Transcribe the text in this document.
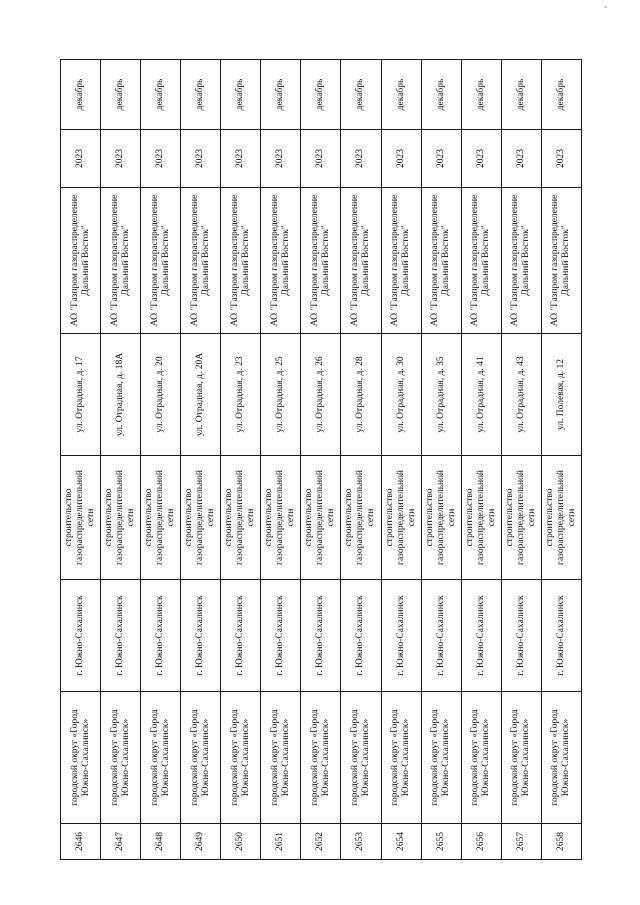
2646	городской округ «Город Южно-Сахалинск»	г. Южно-Сахалинск	строительство газораспределительной сети	ул. Отрадная, д. 17	АО "Газпром газораспределение Дальний Восток"	2023	декабрь
2647	городской округ «Город Южно-Сахалинск»	г. Южно-Сахалинск	строительство газораспределительной сети	ул. Отрадная, д. 18А	АО "Газпром газораспределение Дальний Восток"	2023	декабрь
2648	городской округ «Город Южно-Сахалинск»	г. Южно-Сахалинск	строительство газораспределительной сети	ул. Отрадная, д. 20	АО "Газпром газораспределение Дальний Восток"	2023	декабрь
2649	городской округ «Город Южно-Сахалинск»	г. Южно-Сахалинск	строительство газораспределительной сети	ул. Отрадная, д. 20А	АО "Газпром газораспределение Дальний Восток"	2023	декабрь
2650	городской округ «Город Южно-Сахалинск»	г. Южно-Сахалинск	строительство газораспределительной сети	ул. Отрадная, д. 23	АО "Газпром газораспределение Дальний Восток"	2023	декабрь
2651	городской округ «Город Южно-Сахалинск»	г. Южно-Сахалинск	строительство газораспределительной сети	ул. Отрадная, д. 25	АО "Газпром газораспределение Дальний Восток"	2023	декабрь
2652	городской округ «Город Южно-Сахалинск»	г. Южно-Сахалинск	строительство газораспределительной сети	ул. Отрадная, д. 26	АО "Газпром газораспределение Дальний Восток"	2023	декабрь
2653	городской округ «Город Южно-Сахалинск»	г. Южно-Сахалинск	строительство газораспределительной сети	ул. Отрадная, д. 28	АО "Газпром газораспределение Дальний Восток"	2023	декабрь
2654	городской округ «Город Южно-Сахалинск»	г. Южно-Сахалинск	строительство газораспределительной сети	ул. Отрадная, д. 30	АО "Газпром газораспределение Дальний Восток"	2023	декабрь
2655	городской округ «Город Южно-Сахалинск»	г. Южно-Сахалинск	строительство газораспределительной сети	ул. Отрадная, д. 35	АО "Газпром газораспределение Дальний Восток"	2023	декабрь
2656	городской округ «Город Южно-Сахалинск»	г. Южно-Сахалинск	строительство газораспределительной сети	ул. Отрадная, д. 41	АО "Газпром газораспределение Дальний Восток"	2023	декабрь
2657	городской округ «Город Южно-Сахалинск»	г. Южно-Сахалинск	строительство газораспределительной сети	ул. Отрадная, д. 43	АО "Газпром газораспределение Дальний Восток"	2023	декабрь
2658	городской округ «Город Южно-Сахалинск»	г. Южно-Сахалинск	строительство газораспределительной сети	ул. Полевая, д. 12	АО "Газпром газораспределение Дальний Восток"	2023	декабрь
